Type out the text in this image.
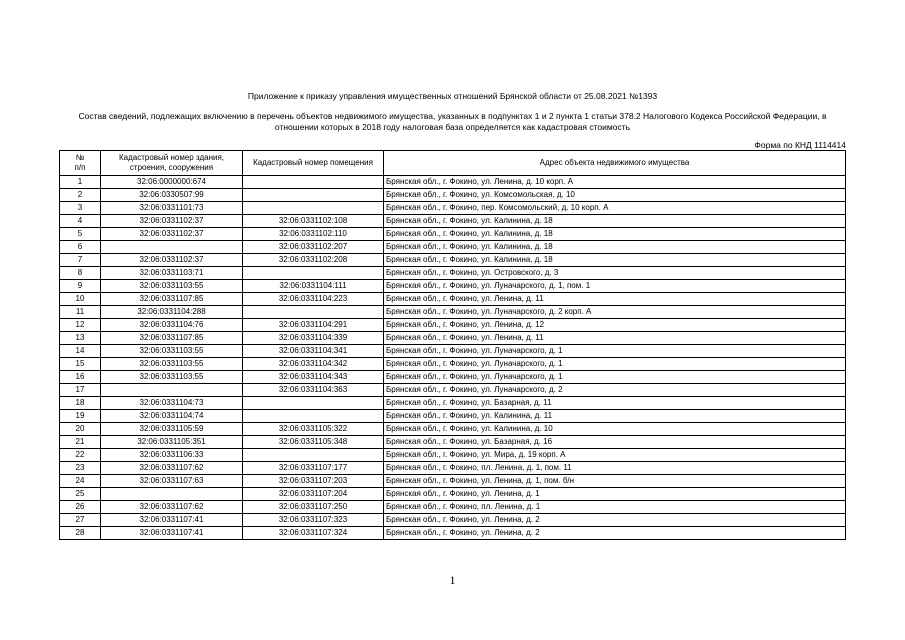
Приложение к приказу управления имущественных отношений Брянской области от 25.08.2021 №1393
Состав сведений, подлежащих включению в перечень объектов недвижимого имущества, указанных в подпунктах 1 и 2 пункта 1 статьи 378.2 Налогового Кодекса Российской Федерации, в
отношении которых в 2018 году налоговая база определяется как кадастровая стоимость
Форма по КНД 1114414
№
п/п	Кадастровый номер здания, строения, сооружения	Кадастровый номер помещения	Адрес объекта недвижимого имущества
1	32:06:0000000:674		Брянская обл., г. Фокино, ул. Ленина, д. 10 корп. А
2	32:06:0330507:99		Брянская обл., г. Фокино, ул. Комсомольская, д. 10
3	32:06:0331101:73		Брянская обл., г. Фокино, пер. Комсомольский, д. 10 корп. А
4	32:06:0331102:37	32:06:0331102:108	Брянская обл., г. Фокино, ул. Калинина, д. 18
5	32:06:0331102:37	32:06:0331102:110	Брянская обл., г. Фокино, ул. Калинина, д. 18
6		32:06:0331102:207	Брянская обл., г. Фокино, ул. Калинина, д. 18
7	32:06:0331102:37	32:06:0331102:208	Брянская обл., г. Фокино, ул. Калинина, д. 18
8	32:06:0331103:71		Брянская обл., г. Фокино, ул. Островского, д. 3
9	32:06:0331103:55	32:06:0331104:111	Брянская обл., г. Фокино, ул. Луначарского, д. 1, пом. 1
10	32:06:0331107:85	32:06:0331104:223	Брянская обл., г. Фокино, ул. Ленина, д. 11
11	32:06:0331104:288		Брянская обл., г. Фокино, ул. Луначарского, д. 2 корп. А
12	32:06:0331104:76	32:06:0331104:291	Брянская обл., г. Фокино, ул. Ленина, д. 12
13	32:06:0331107:85	32:06:0331104:339	Брянская обл., г. Фокино, ул. Ленина, д. 11
14	32:06:0331103:55	32:06:0331104:341	Брянская обл., г. Фокино, ул. Луначарского, д. 1
15	32:06:0331103:55	32:06:0331104:342	Брянская обл., г. Фокино, ул. Луначарского, д. 1
16	32:06:0331103:55	32:06:0331104:343	Брянская обл., г. Фокино, ул. Луначарского, д. 1
17		32:06:0331104:363	Брянская обл., г. Фокино, ул. Луначарского, д. 2
18	32:06:0331104:73		Брянская обл., г. Фокино, ул. Базарная, д. 11
19	32:06:0331104:74		Брянская обл., г. Фокино, ул. Калинина, д. 11
20	32:06:0331105:59	32:06:0331105:322	Брянская обл., г. Фокино, ул. Калинина, д. 10
21	32:06:0331105:351	32:06:0331105:348	Брянская обл., г. Фокино, ул. Базарная, д. 16
22	32:06:0331106:33		Брянская обл., г. Фокино, ул. Мира, д. 19 корп. А
23	32:06:0331107:62	32:06:0331107:177	Брянская обл., г. Фокино, пл. Ленина, д. 1, пом. 11
24	32:06:0331107:63	32:06:0331107:203	Брянская обл., г. Фокино, ул. Ленина, д. 1, пом. б/н
25		32:06:0331107:204	Брянская обл., г. Фокино, ул. Ленина, д. 1
26	32:06:0331107:62	32:06:0331107:250	Брянская обл., г. Фокино, пл. Ленина, д. 1
27	32:06:0331107:41	32:06:0331107:323	Брянская обл., г. Фокино, ул. Ленина, д. 2
28	32:06:0331107:41	32:06:0331107:324	Брянская обл., г. Фокино, ул. Ленина, д. 2
1
